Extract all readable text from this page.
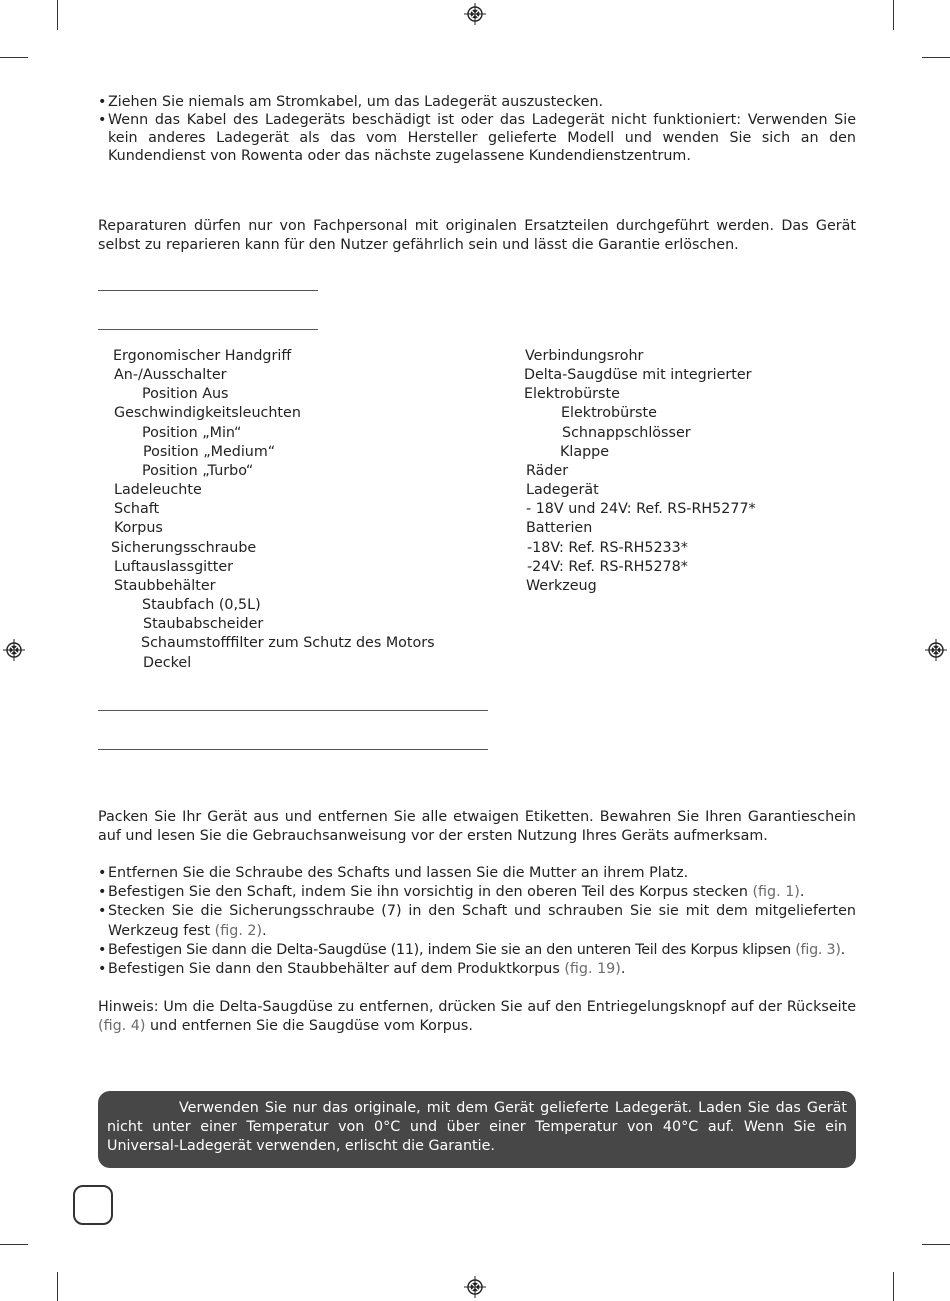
• Ziehen Sie niemals am Stromkabel, um das Ladegerät auszustecken.
• Wenn das Kabel des Ladegeräts beschädigt ist oder das Ladegerät nicht funktioniert: Verwenden Sie kein anderes Ladegerät als das vom Hersteller gelieferte Modell und wenden Sie sich an den Kundendienst von Rowenta oder das nächste zugelassene Kundendienstzentrum.

Reparaturen dürfen nur von Fachpersonal mit originalen Ersatzteilen durchgeführt werden. Das Gerät selbst zu reparieren kann für den Nutzer gefährlich sein und lässt die Garantie erlöschen.

Ergonomischer Handgriff
An-/Ausschalter
Position Aus
Geschwindigkeitsleuchten
Position „Min“
Position „Medium“
Position „Turbo“
Ladeleuchte
Schaft
Korpus
Sicherungsschraube
Luftauslassgitter
Staubbehälter
Staubfach (0,5L)
Staubabscheider
Schaumstofffilter zum Schutz des Motors
Deckel
Verbindungsrohr
Delta-Saugdüse mit integrierter
Elektrobürste
Elektrobürste
Schnappschlösser
Klappe
Räder
Ladegerät
- 18V und 24V: Ref. RS-RH5277*
Batterien
-18V: Ref. RS-RH5233*
-24V: Ref. RS-RH5278*
Werkzeug

Packen Sie Ihr Gerät aus und entfernen Sie alle etwaigen Etiketten. Bewahren Sie Ihren Garantieschein auf und lesen Sie die Gebrauchsanweisung vor der ersten Nutzung Ihres Geräts aufmerksam.

• Entfernen Sie die Schraube des Schafts und lassen Sie die Mutter an ihrem Platz.
• Befestigen Sie den Schaft, indem Sie ihn vorsichtig in den oberen Teil des Korpus stecken (fig. 1).
• Stecken Sie die Sicherungsschraube (7) in den Schaft und schrauben Sie sie mit dem mitgelieferten Werkzeug fest (fig. 2).
• Befestigen Sie dann die Delta-Saugdüse (11), indem Sie sie an den unteren Teil des Korpus klipsen (fig. 3).
• Befestigen Sie dann den Staubbehälter auf dem Produktkorpus (fig. 19).

Hinweis: Um die Delta-Saugdüse zu entfernen, drücken Sie auf den Entriegelungsknopf auf der Rückseite (fig. 4) und entfernen Sie die Saugdüse vom Korpus.

Verwenden Sie nur das originale, mit dem Gerät gelieferte Ladegerät. Laden Sie das Gerät nicht unter einer Temperatur von 0°C und über einer Temperatur von 40°C auf. Wenn Sie ein Universal-Ladegerät verwenden, erlischt die Garantie.
